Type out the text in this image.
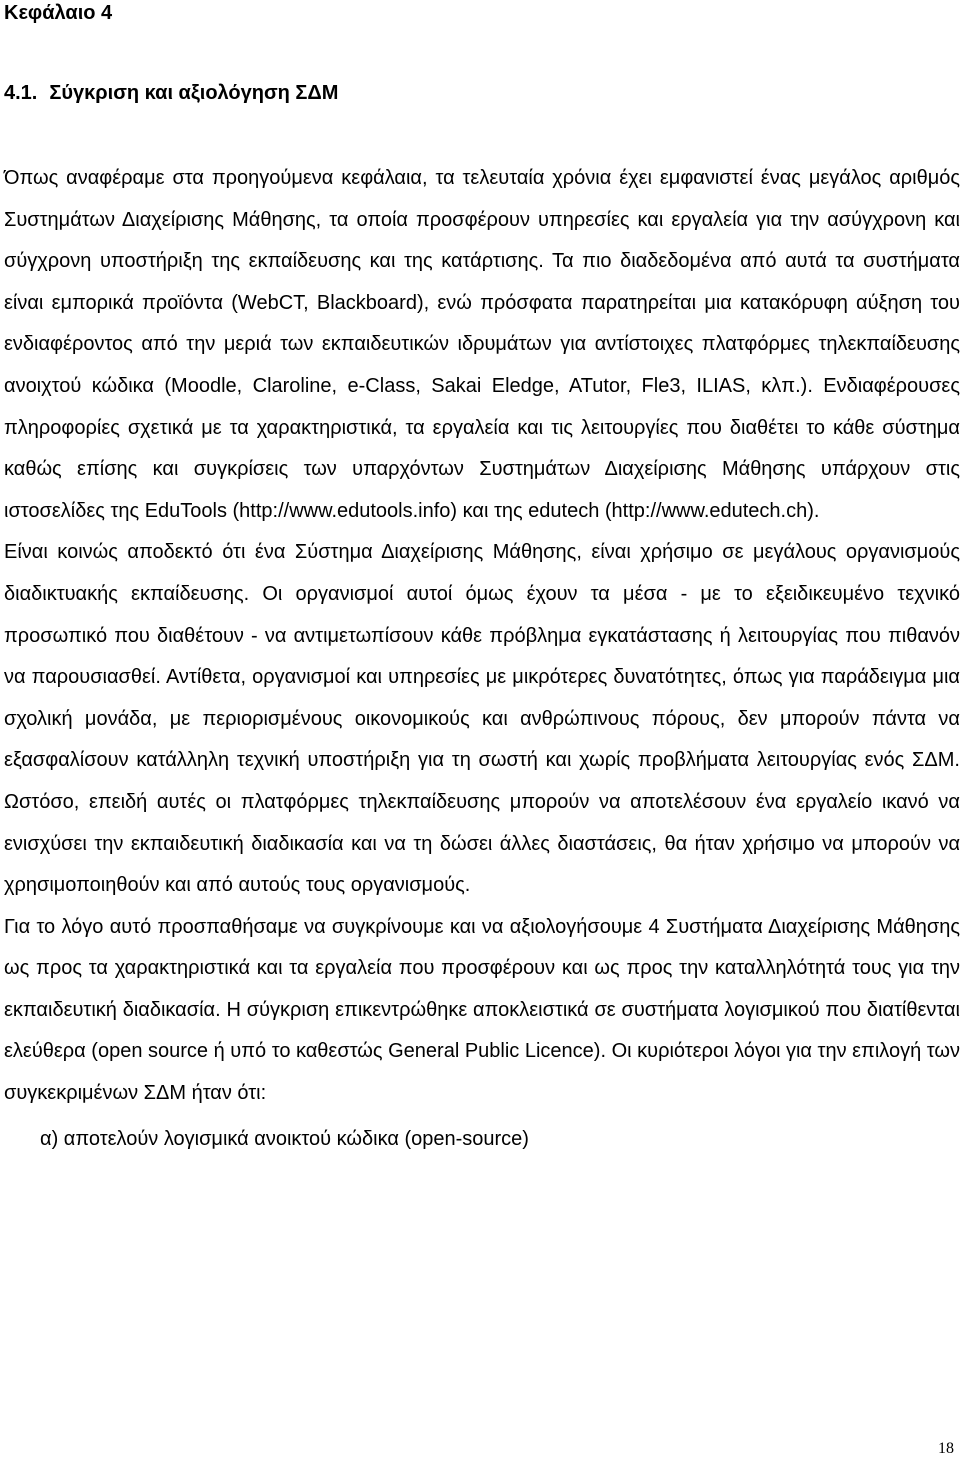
Κεφάλαιο 4
4.1. Σύγκριση και αξιολόγηση ΣΔΜ

Όπως αναφέραμε στα προηγούμενα κεφάλαια, τα τελευταία χρόνια έχει εμφανιστεί ένας μεγάλος αριθμός Συστημάτων Διαχείρισης Μάθησης, τα οποία προσφέρουν υπηρεσίες και εργαλεία για την ασύγχρονη και σύγχρονη υποστήριξη της εκπαίδευσης και της κατάρτισης. Τα πιο διαδεδομένα από αυτά τα συστήματα είναι εμπορικά προϊόντα (WebCT, Blackboard), ενώ πρόσφατα παρατηρείται μια κατακόρυφη αύξηση του ενδιαφέροντος από την μεριά των εκπαιδευτικών ιδρυμάτων για αντίστοιχες πλατφόρμες τηλεκπαίδευσης ανοιχτού κώδικα (Moodle, Claroline, e-Class, Sakai Eledge, ATutor, Fle3, ILIAS, κλπ.). Ενδιαφέρουσες πληροφορίες σχετικά με τα χαρακτηριστικά, τα εργαλεία και τις λειτουργίες που διαθέτει το κάθε σύστημα καθώς επίσης και συγκρίσεις των υπαρχόντων Συστημάτων Διαχείρισης Μάθησης υπάρχουν στις ιστοσελίδες της EduTools (http://www.edutools.info) και της edutech (http://www.edutech.ch).

Είναι κοινώς αποδεκτό ότι ένα Σύστημα Διαχείρισης Μάθησης, είναι χρήσιμο σε μεγάλους οργανισμούς διαδικτυακής εκπαίδευσης. Οι οργανισμοί αυτοί όμως έχουν τα μέσα - με το εξειδικευμένο τεχνικό προσωπικό που διαθέτουν - να αντιμετωπίσουν κάθε πρόβλημα εγκατάστασης ή λειτουργίας που πιθανόν να παρουσιασθεί. Αντίθετα, οργανισμοί και υπηρεσίες με μικρότερες δυνατότητες, όπως για παράδειγμα μια σχολική μονάδα, με περιορισμένους οικονομικούς και ανθρώπινους πόρους, δεν μπορούν πάντα να εξασφαλίσουν κατάλληλη τεχνική υποστήριξη για τη σωστή και χωρίς προβλήματα λειτουργίας ενός ΣΔΜ. Ωστόσο, επειδή αυτές οι πλατφόρμες τηλεκπαίδευσης μπορούν να αποτελέσουν ένα εργαλείο ικανό να ενισχύσει την εκπαιδευτική διαδικασία και να τη δώσει άλλες διαστάσεις, θα ήταν χρήσιμο να μπορούν να χρησιμοποιηθούν και από αυτούς τους οργανισμούς.

Για το λόγο αυτό προσπαθήσαμε να συγκρίνουμε και να αξιολογήσουμε 4 Συστήματα Διαχείρισης Μάθησης ως προς τα χαρακτηριστικά και τα εργαλεία που προσφέρουν και ως προς την καταλληλότητά τους για την εκπαιδευτική διαδικασία. Η σύγκριση επικεντρώθηκε αποκλειστικά σε συστήματα λογισμικού που διατίθενται ελεύθερα (open source ή υπό το καθεστώς General Public Licence). Οι κυριότεροι λόγοι για την επιλογή των συγκεκριμένων ΣΔΜ ήταν ότι:

α) αποτελούν λογισμικά ανοικτού κώδικα (open-source)

18
